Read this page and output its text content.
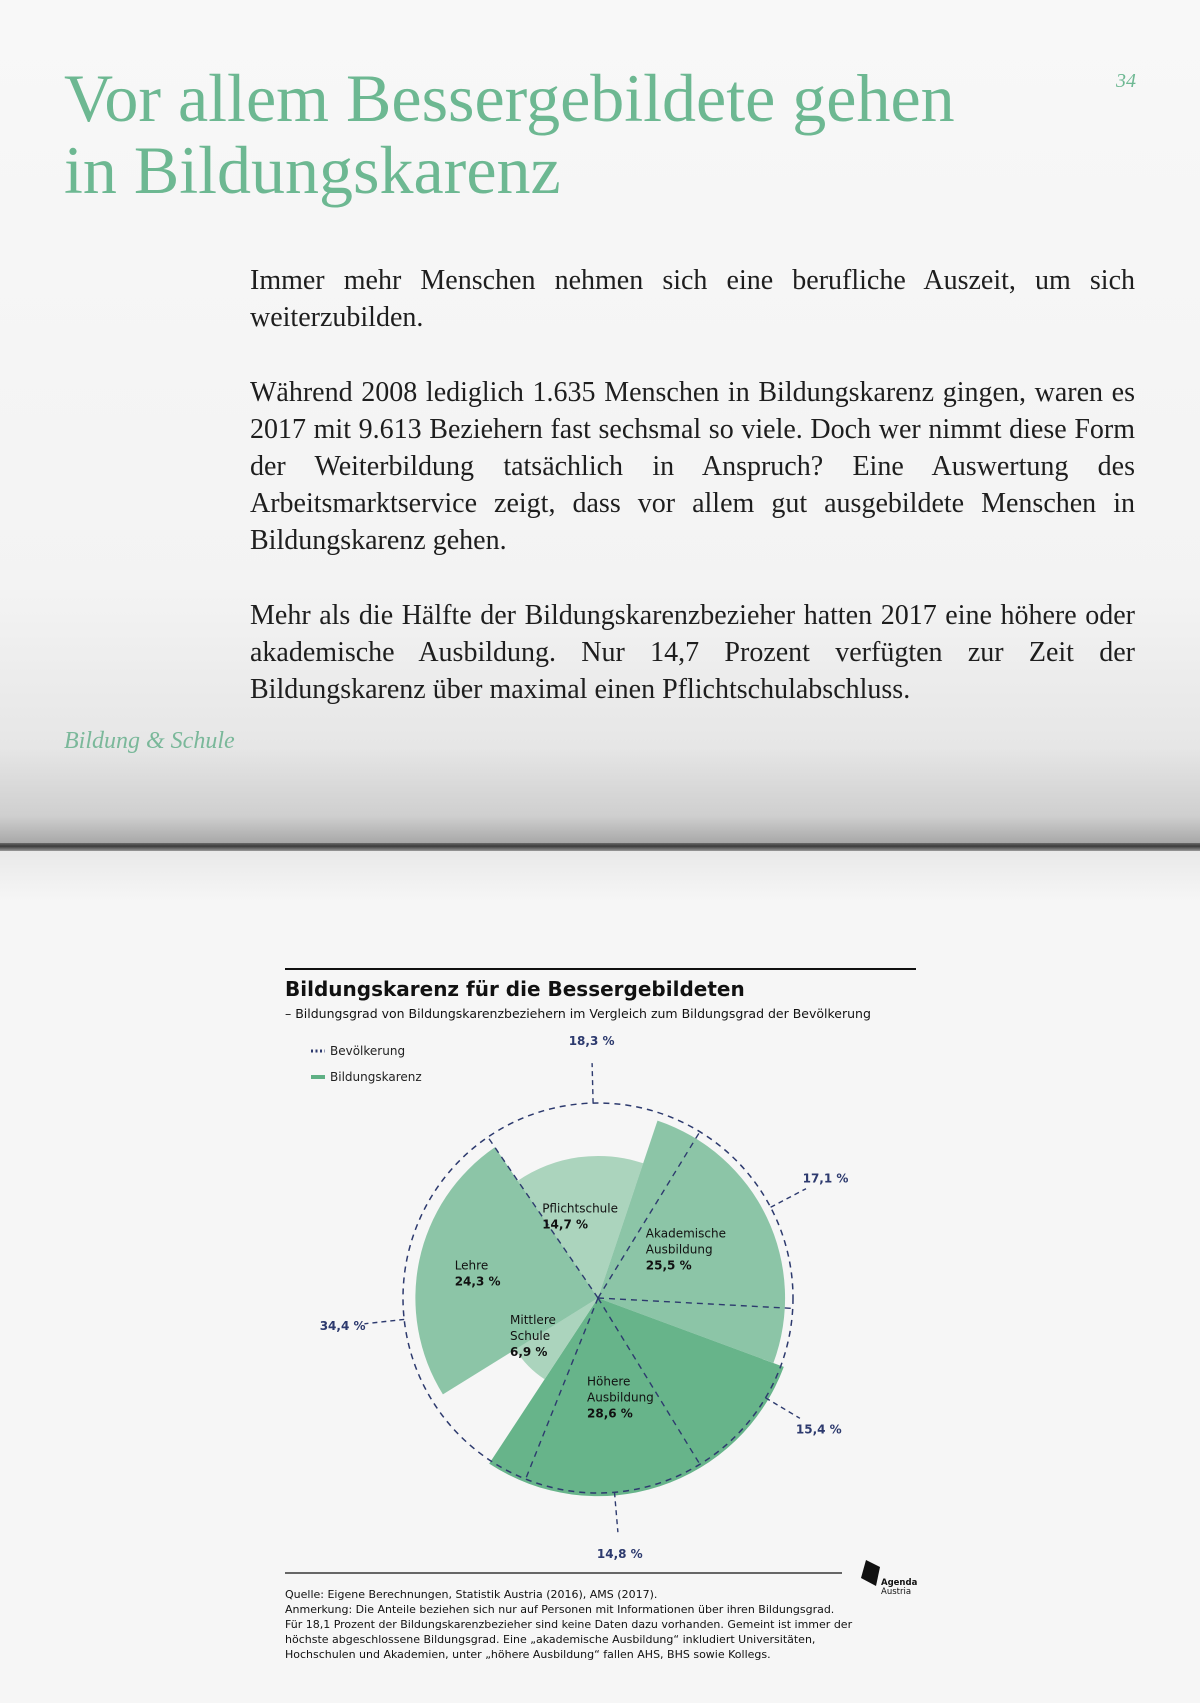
Vor allem Bessergebildete gehen
in Bildungskarenz
34

Immer mehr Menschen nehmen sich eine berufliche Auszeit, um sich weiterzubilden.

Während 2008 lediglich 1.635 Menschen in Bildungskarenz gingen, waren es 2017 mit 9.613 Beziehern fast sechsmal so viele. Doch wer nimmt diese Form der Weiterbildung tatsächlich in Anspruch? Eine Auswertung des Arbeitsmarktservice zeigt, dass vor allem gut ausgebildete Menschen in Bildungskarenz gehen.

Mehr als die Hälfte der Bildungskarenzbezieher hatten 2017 eine höhere oder akademische Ausbildung. Nur 14,7 Prozent verfügten zur Zeit der Bildungskarenz über maximal einen Pflichtschulabschluss.

Bildung & Schule
Bildungskarenz für die Bessergebildeten
– Bildungsgrad von Bildungskarenzbeziehern im Vergleich zum Bildungsgrad der Bevölkerung
Bevölkerung
Bildungskarenz
18,3 %
17,1 %
15,4 %
14,8 %
34,4 %
Pflichtschule 14,7 %
Akademische Ausbildung 25,5 %
Höhere Ausbildung 28,6 %
Mittlere Schule 6,9 %
Lehre 24,3 %
Quelle: Eigene Berechnungen, Statistik Austria (2016), AMS (2017).
Anmerkung: Die Anteile beziehen sich nur auf Personen mit Informationen über ihren Bildungsgrad.
Für 18,1 Prozent der Bildungskarenzbezieher sind keine Daten dazu vorhanden. Gemeint ist immer der
höchste abgeschlossene Bildungsgrad. Eine „akademische Ausbildung“ inkludiert Universitäten,
Hochschulen und Akademien, unter „höhere Ausbildung“ fallen AHS, BHS sowie Kollegs.
Agenda
Austria
